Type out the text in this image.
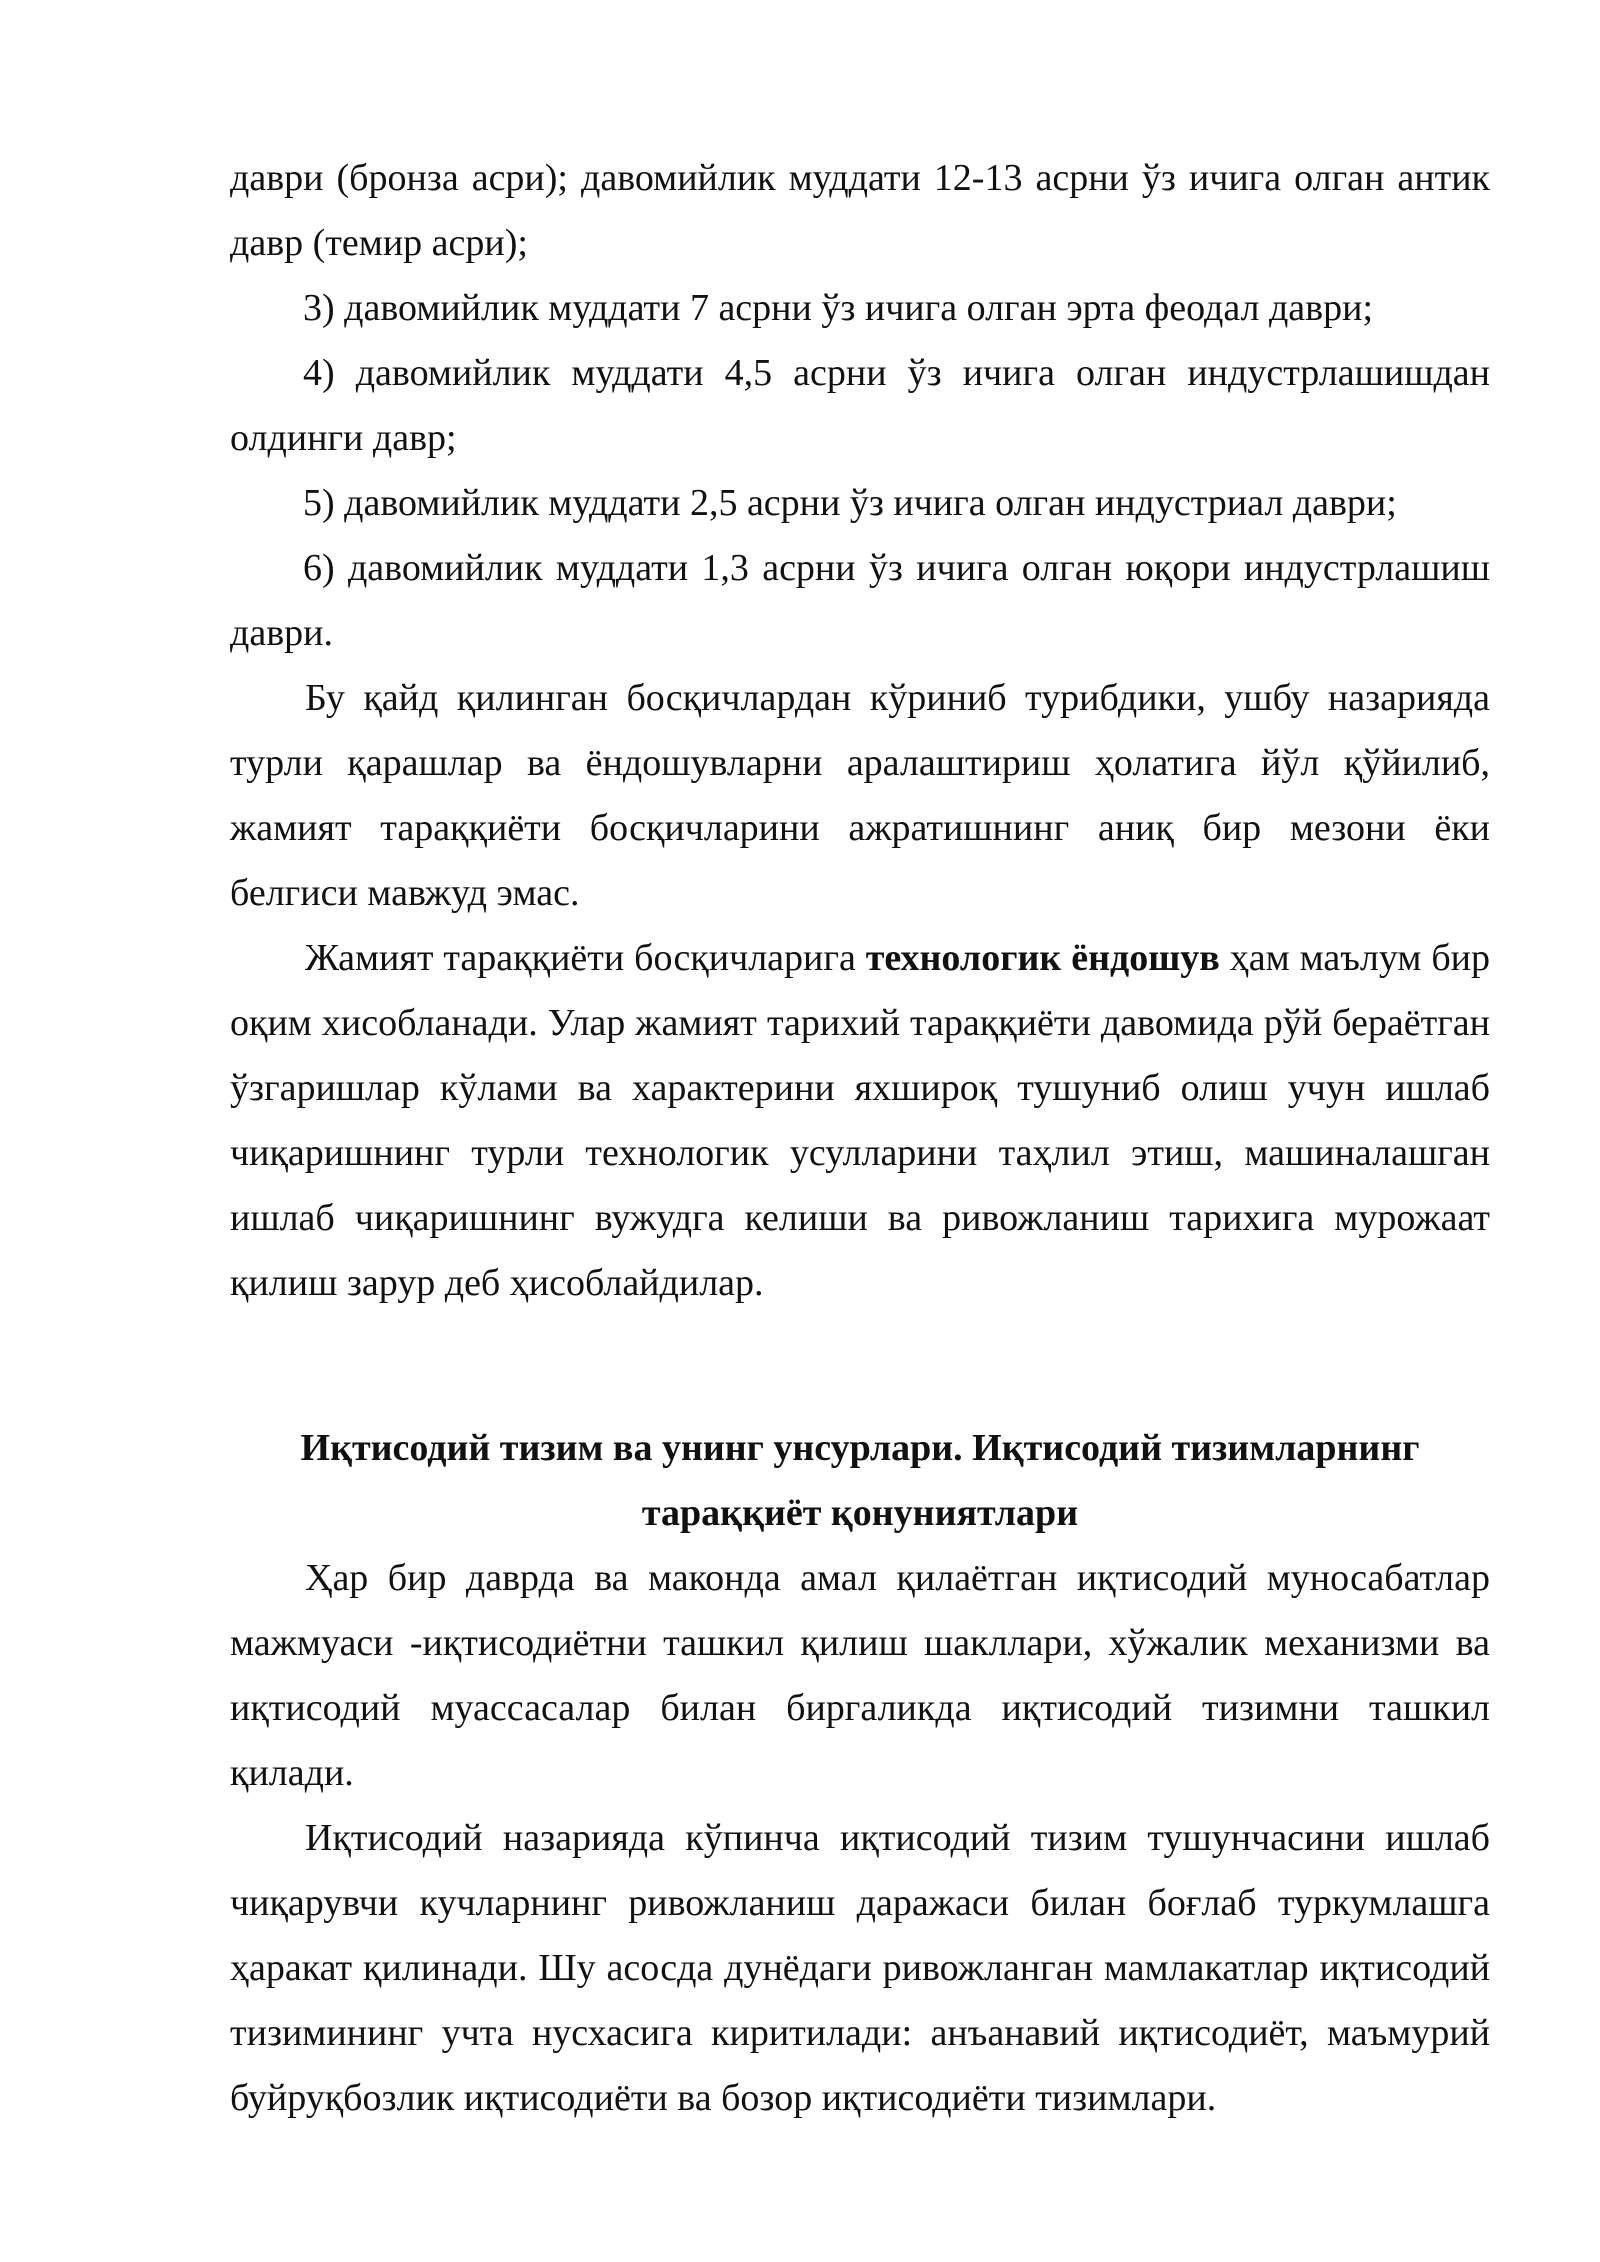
даври (бронза асри); давомийлик муддати 12-13 асрни ўз ичига олган антик давр (темир асри);

3) давомийлик муддати 7 асрни ўз ичига олган эрта феодал даври;

4) давомийлик муддати 4,5 асрни ўз ичига олган индустрлашишдан олдинги давр;

5) давомийлик муддати 2,5 асрни ўз ичига олган индустриал даври;

6) давомийлик муддати 1,3 асрни ўз ичига олган юқори индустрлашиш даври.

Бу қайд қилинган босқичлардан кўриниб турибдики, ушбу назарияда турли қарашлар ва ёндошувларни аралаштириш ҳолатига йўл қўйилиб, жамият тараққиёти босқичларини ажратишнинг аниқ бир мезони ёки белгиси мавжуд эмас.

Жамият тараққиёти босқичларига технологик ёндошув ҳам маълум бир оқим хисобланади. Улар жамият тарихий тараққиёти давомида рўй бераётган ўзгаришлар кўлами ва характерини яхшироқ тушуниб олиш учун ишлаб чиқаришнинг турли технологик усулларини таҳлил этиш, машиналашган ишлаб чиқаришнинг вужудга келиши ва ривожланиш тарихига мурожаат қилиш зарур деб ҳисоблайдилар.

Иқтисодий тизим ва унинг унсурлари. Иқтисодий тизимларнинг
тараққиёт қонуниятлари

Ҳар бир даврда ва маконда амал қилаётган иқтисодий муносабатлар мажмуаси -иқтисодиётни ташкил қилиш шакллари, хўжалик механизми ва иқтисодий муассасалар билан биргаликда иқтисодий тизимни ташкил қилади.

Иқтисодий назарияда кўпинча иқтисодий тизим тушунчасини ишлаб чиқарувчи кучларнинг ривожланиш даражаси билан боғлаб туркумлашга ҳаракат қилинади. Шу асосда дунёдаги ривожланган мамлакатлар иқтисодий тизимининг учта нусхасига киритилади: анъанавий иқтисодиёт, маъмурий буйруқбозлик иқтисодиёти ва бозор иқтисодиёти тизимлари.
